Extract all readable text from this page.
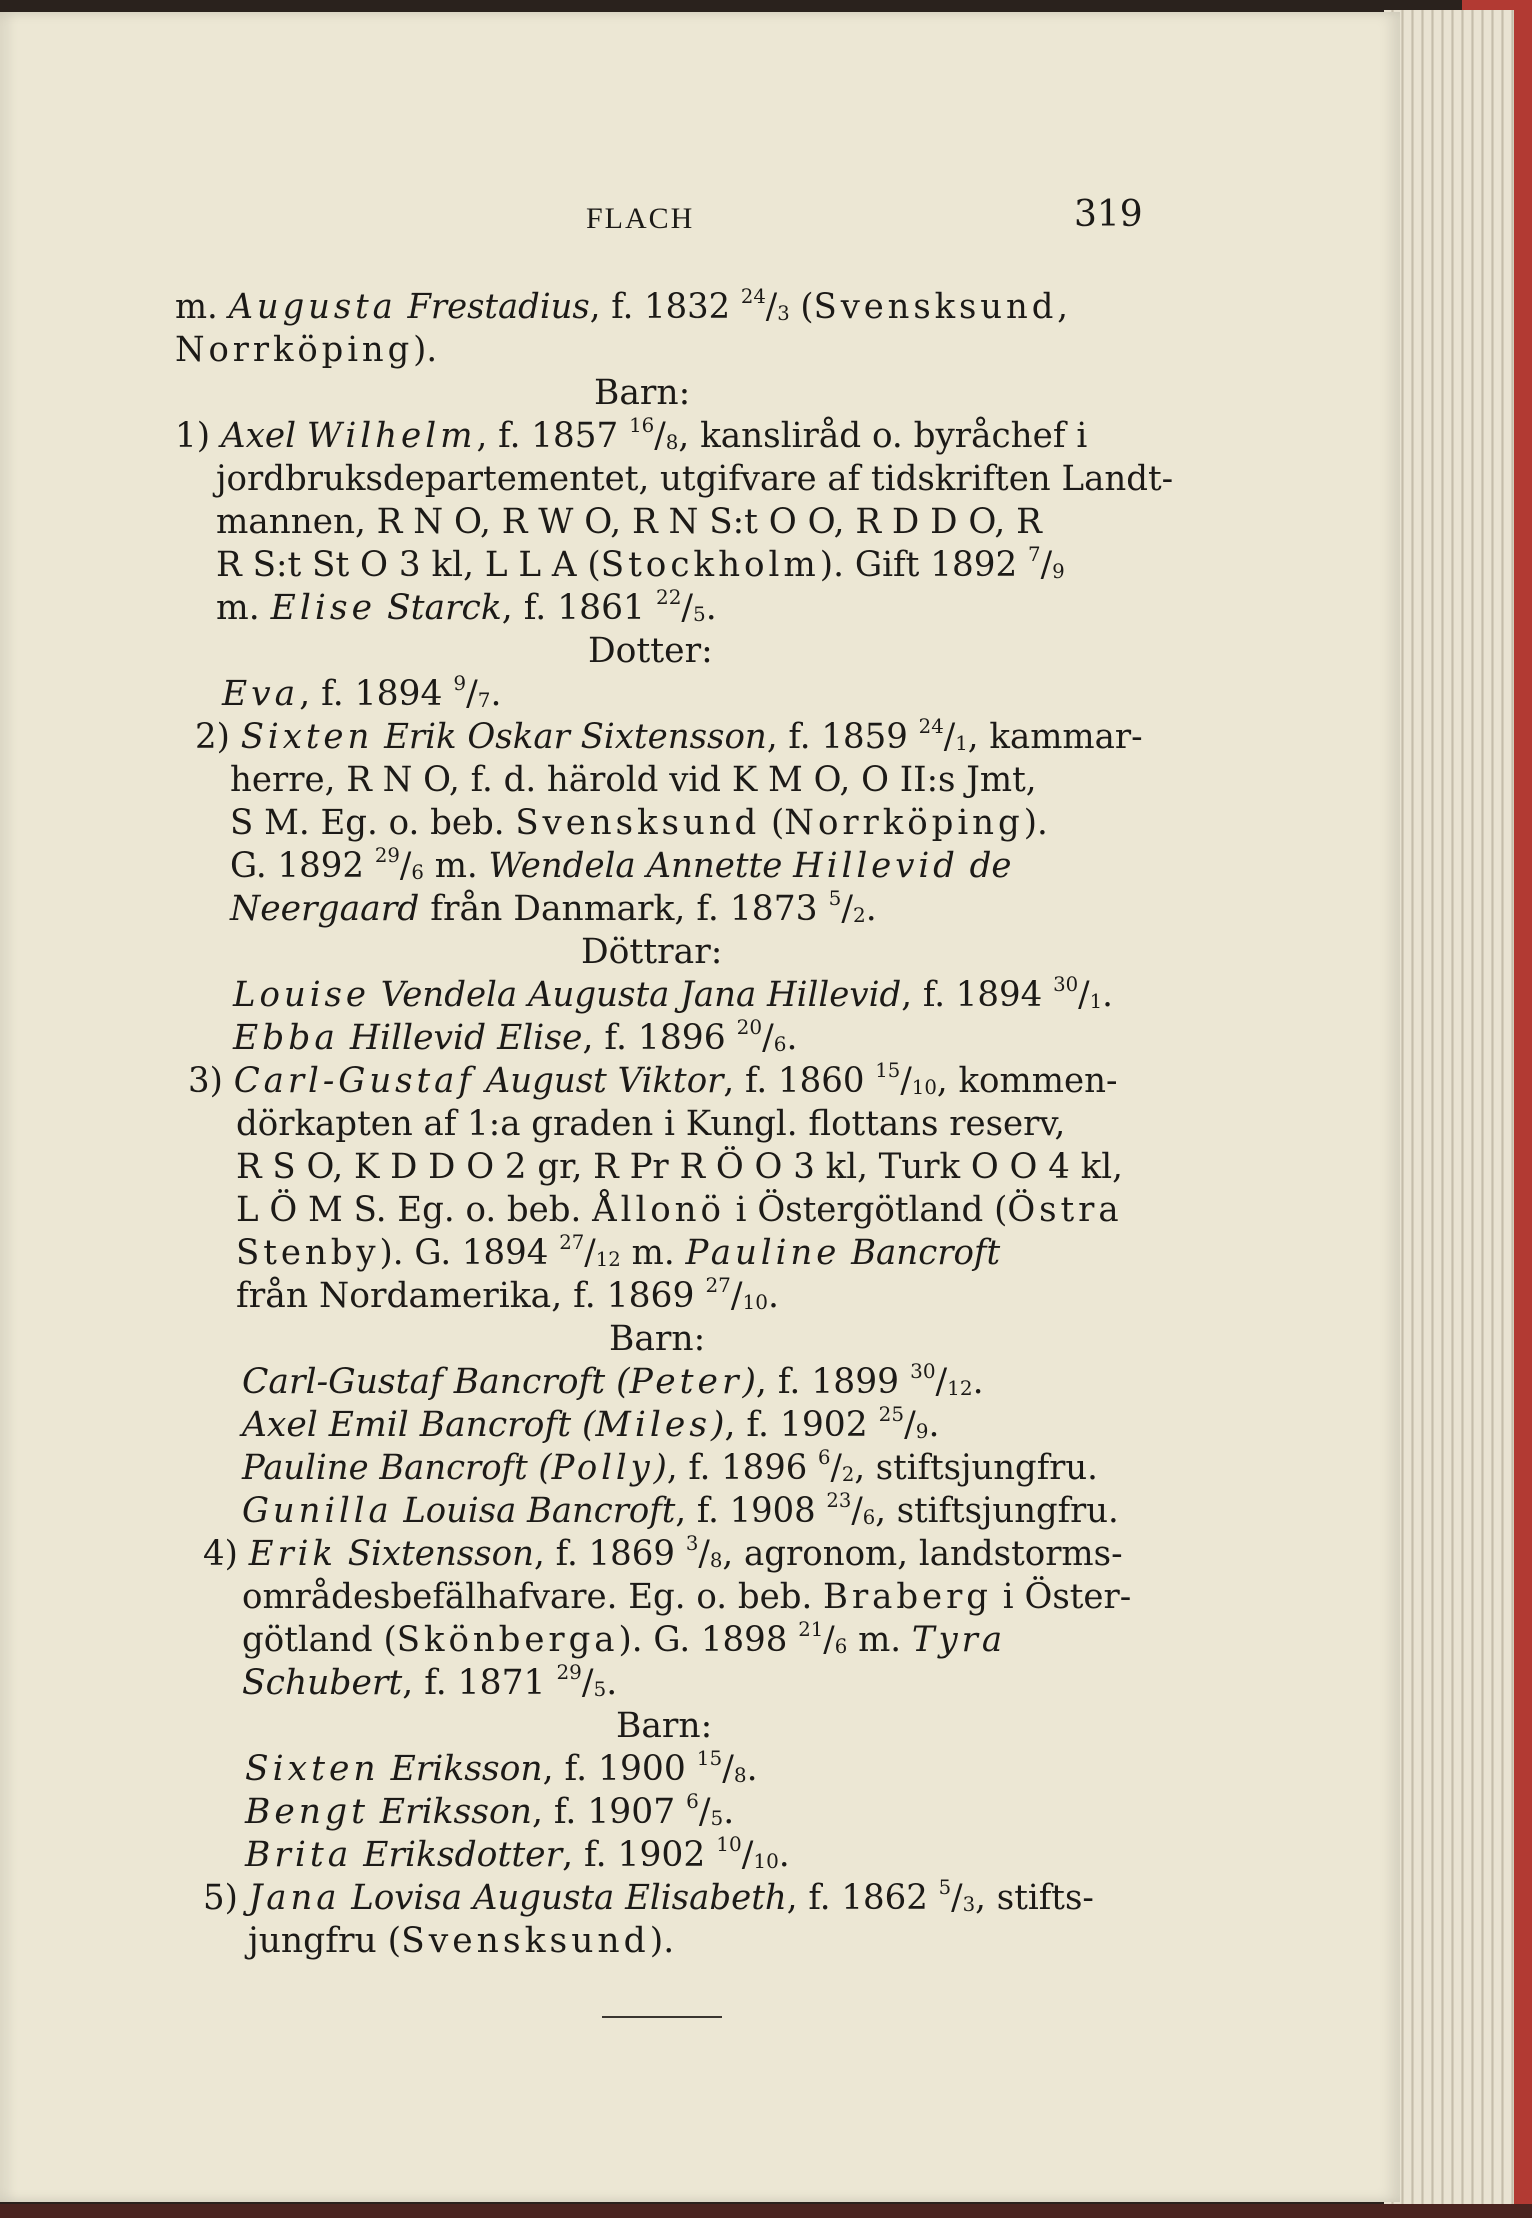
FLACH	319
m. Augusta Frestadius, f. 1832 $^{24}/_3$ (Svensksund,
Norrköping).
Barn:
1) Axel Wilhelm, f. 1857 $^{16}/_8$, kansliråd o. byråchef i
jordbruksdepartementet, utgifvare af tidskriften Landt-
mannen, R N O, R W O, R N S:t O O, R D D O, R
R S:t St O 3 kl, L L A (Stockholm). Gift 1892 $^7/_9$
m. Elise Starck, f. 1861 $^{22}/_5$.
Dotter:
Eva, f. 1894 $^9/_7$.
2) Sixten Erik Oskar Sixtensson, f. 1859 $^{24}/_1$, kammar-
herre, R N O, f. d. härold vid K M O, O II:s Jmt,
S M. Eg. o. beb. Svensksund (Norrköping).
G. 1892 $^{29}/_6$ m. Wendela Annette Hillevid de
Neergaard från Danmark, f. 1873 $^5/_2$.
Döttrar:
Louise Vendela Augusta Jana Hillevid, f. 1894 $^{30}/_1$.
Ebba Hillevid Elise, f. 1896 $^{20}/_6$.
3) Carl-Gustaf August Viktor, f. 1860 $^{15}/_{10}$, kommen-
dörkapten af 1:a graden i Kungl. flottans reserv,
R S O, K D D O 2 gr, R Pr R Ö O 3 kl, Turk O O 4 kl,
L Ö M S. Eg. o. beb. Ållonö i Östergötland (Östra
Stenby). G. 1894 $^{27}/_{12}$ m. Pauline Bancroft
från Nordamerika, f. 1869 $^{27}/_{10}$.
Barn:
Carl-Gustaf Bancroft (Peter), f. 1899 $^{30}/_{12}$.
Axel Emil Bancroft (Miles), f. 1902 $^{25}/_9$.
Pauline Bancroft (Polly), f. 1896 $^6/_2$, stiftsjungfru.
Gunilla Louisa Bancroft, f. 1908 $^{23}/_6$, stiftsjungfru.
4) Erik Sixtensson, f. 1869 $^3/_8$, agronom, landstorms-
områdesbefälhafvare. Eg. o. beb. Braberg i Öster-
götland (Skönberga). G. 1898 $^{21}/_6$ m. Tyra
Schubert, f. 1871 $^{29}/_5$.
Barn:
Sixten Eriksson, f. 1900 $^{15}/_8$.
Bengt Eriksson, f. 1907 $^6/_5$.
Brita Eriksdotter, f. 1902 $^{10}/_{10}$.
5) Jana Lovisa Augusta Elisabeth, f. 1862 $^5/_3$, stifts-
jungfru (Svensksund).
